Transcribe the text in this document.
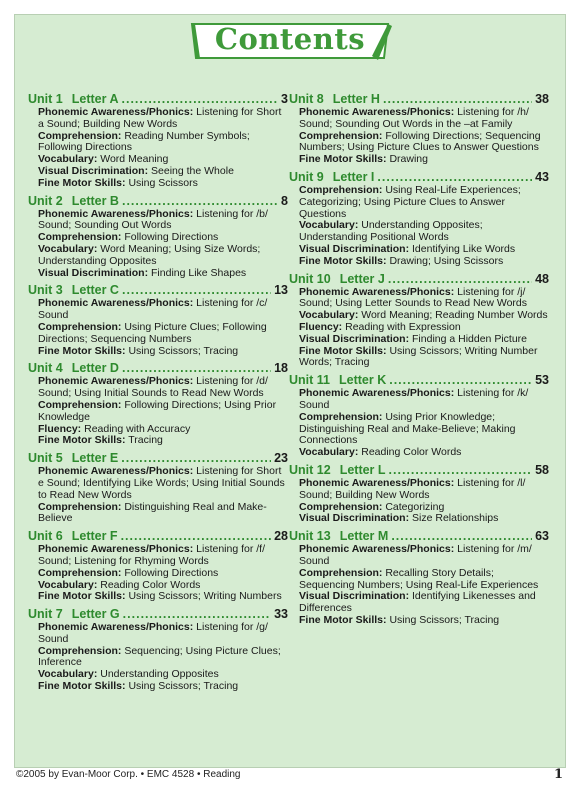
Contents
Unit 1 Letter A .....	3
Phonemic Awareness/Phonics: Listening for Short a Sound; Building New Words
Comprehension: Reading Number Symbols; Following Directions
Vocabulary: Word Meaning
Visual Discrimination: Seeing the Whole
Fine Motor Skills: Using Scissors
Unit 2 Letter B .....	8
Phonemic Awareness/Phonics: Listening for /b/ Sound; Sounding Out Words
Comprehension: Following Directions
Vocabulary: Word Meaning; Using Size Words; Understanding Opposites
Visual Discrimination: Finding Like Shapes
Unit 3 Letter C .....	13
Phonemic Awareness/Phonics: Listening for /c/ Sound
Comprehension: Using Picture Clues; Following Directions; Sequencing Numbers
Fine Motor Skills: Using Scissors; Tracing
Unit 4 Letter D .....	18
Phonemic Awareness/Phonics: Listening for /d/ Sound; Using Initial Sounds to Read New Words
Comprehension: Following Directions; Using Prior Knowledge
Fluency: Reading with Accuracy
Fine Motor Skills: Tracing
Unit 5 Letter E .....	23
Phonemic Awareness/Phonics: Listening for Short e Sound; Identifying Like Words; Using Initial Sounds to Read New Words
Comprehension: Distinguishing Real and Make-Believe
Unit 6 Letter F .....	28
Phonemic Awareness/Phonics: Listening for /f/ Sound; Listening for Rhyming Words
Comprehension: Following Directions
Vocabulary: Reading Color Words
Fine Motor Skills: Using Scissors; Writing Numbers
Unit 7 Letter G .....	33
Phonemic Awareness/Phonics: Listening for /g/ Sound
Comprehension: Sequencing; Using Picture Clues; Inference
Vocabulary: Understanding Opposites
Fine Motor Skills: Using Scissors; Tracing
Unit 8 Letter H .....	38
Phonemic Awareness/Phonics: Listening for /h/ Sound; Sounding Out Words in the –at Family
Comprehension: Following Directions; Sequencing Numbers; Using Picture Clues to Answer Questions
Fine Motor Skills: Drawing
Unit 9 Letter I .....	43
Comprehension: Using Real-Life Experiences; Categorizing; Using Picture Clues to Answer Questions
Vocabulary: Understanding Opposites; Understanding Positional Words
Visual Discrimination: Identifying Like Words
Fine Motor Skills: Drawing; Using Scissors
Unit 10 Letter J .....	48
Phonemic Awareness/Phonics: Listening for /j/ Sound; Using Letter Sounds to Read New Words
Vocabulary: Word Meaning; Reading Number Words
Fluency: Reading with Expression
Visual Discrimination: Finding a Hidden Picture
Fine Motor Skills: Using Scissors; Writing Number Words; Tracing
Unit 11 Letter K .....	53
Phonemic Awareness/Phonics: Listening for /k/ Sound
Comprehension: Using Prior Knowledge; Distinguishing Real and Make-Believe; Making Connections
Vocabulary: Reading Color Words
Unit 12 Letter L .....	58
Phonemic Awareness/Phonics: Listening for /l/ Sound; Building New Words
Comprehension: Categorizing
Visual Discrimination: Size Relationships
Unit 13 Letter M .....	63
Phonemic Awareness/Phonics: Listening for /m/ Sound
Comprehension: Recalling Story Details; Sequencing Numbers; Using Real-Life Experiences
Visual Discrimination: Identifying Likenesses and Differences
Fine Motor Skills: Using Scissors; Tracing
©2005 by Evan-Moor Corp. • EMC 4528 • Reading	1
